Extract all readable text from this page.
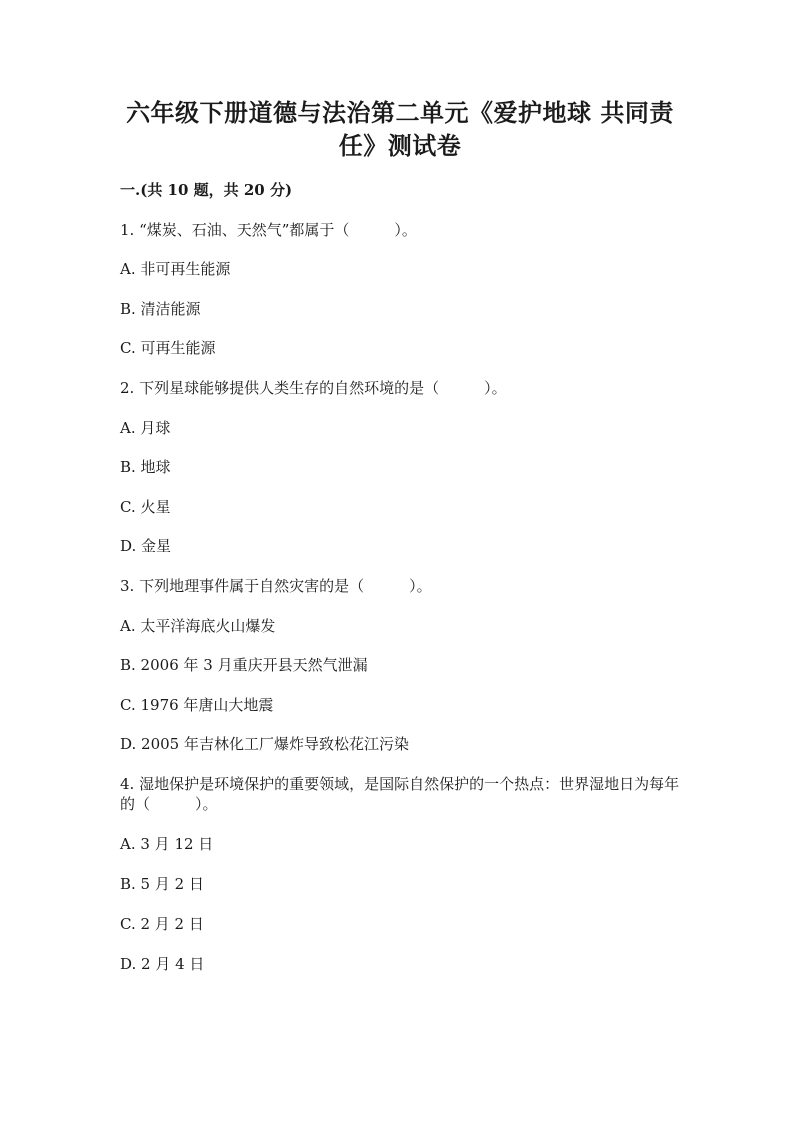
六年级下册道德与法治第二单元《爱护地球 共同责任》测试卷
一.(共 10 题，共 20 分)
1. “煤炭、石油、天然气”都属于（　　　）。
A. 非可再生能源
B. 清洁能源
C. 可再生能源
2. 下列星球能够提供人类生存的自然环境的是（　　　）。
A. 月球
B. 地球
C. 火星
D. 金星
3. 下列地理事件属于自然灾害的是（　　　）。
A. 太平洋海底火山爆发
B. 2006 年 3 月重庆开县天然气泄漏
C. 1976 年唐山大地震
D. 2005 年吉林化工厂爆炸导致松花江污染
4. 湿地保护是环境保护的重要领域，是国际自然保护的一个热点：世界湿地日为每年的（　　　）。
A. 3 月 12 日
B. 5 月 2 日
C. 2 月 2 日
D. 2 月 4 日
